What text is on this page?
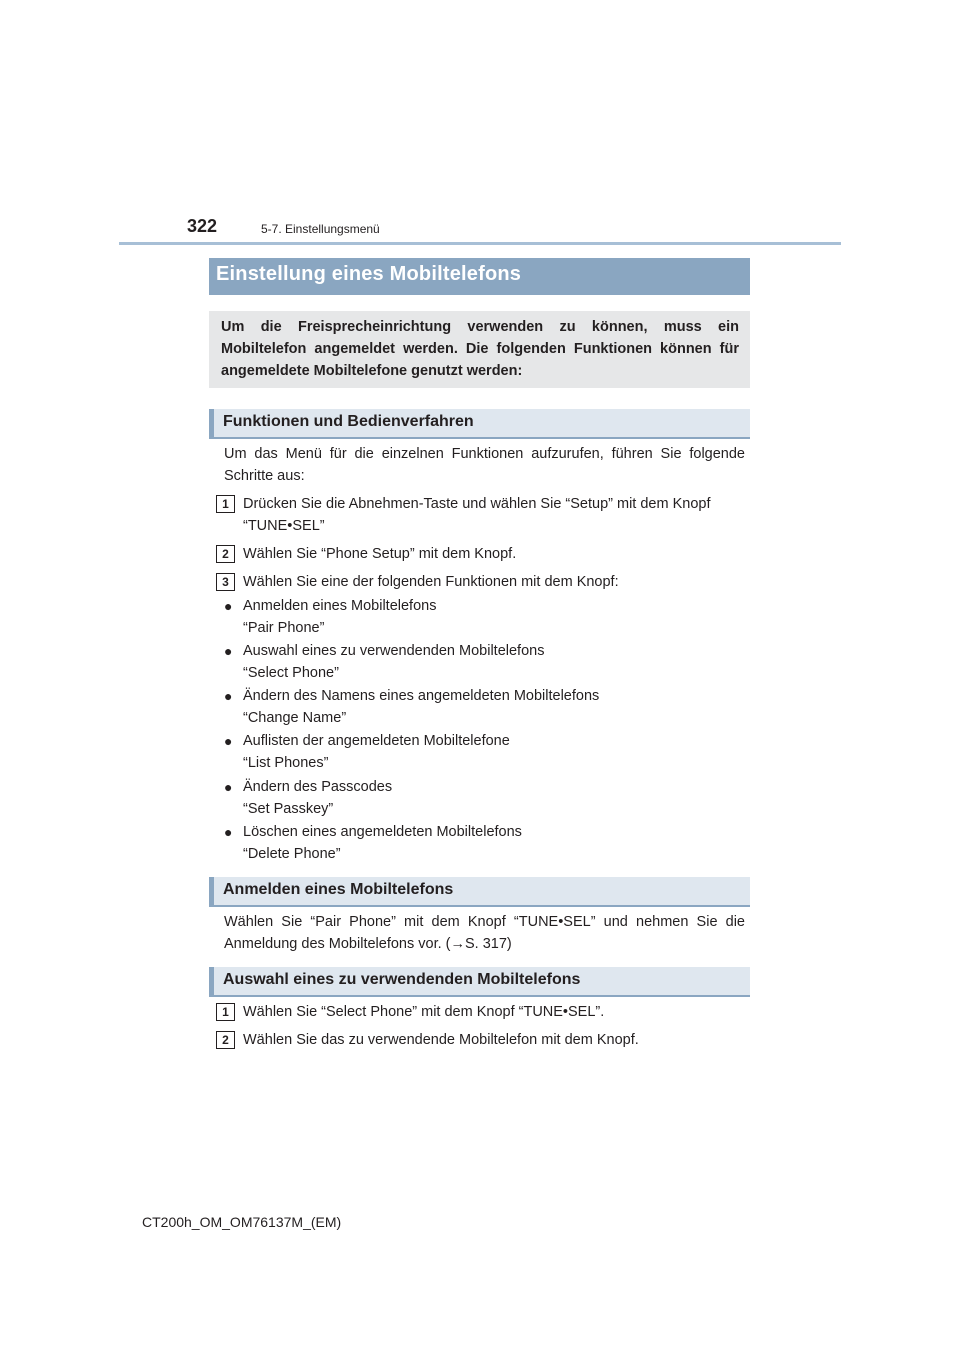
322	5-7. Einstellungsmenü
Einstellung eines Mobiltelefons
Um die Freisprecheinrichtung verwenden zu können, muss ein Mobiltelefon angemeldet werden. Die folgenden Funktionen können für angemeldete Mobiltelefone genutzt werden:
Funktionen und Bedienverfahren
Um das Menü für die einzelnen Funktionen aufzurufen, führen Sie folgende Schritte aus:
1 Drücken Sie die Abnehmen-Taste und wählen Sie “Setup” mit dem Knopf
“TUNE•SEL”
2 Wählen Sie “Phone Setup” mit dem Knopf.
3 Wählen Sie eine der folgenden Funktionen mit dem Knopf:
● Anmelden eines Mobiltelefons
“Pair Phone”
● Auswahl eines zu verwendenden Mobiltelefons
“Select Phone”
● Ändern des Namens eines angemeldeten Mobiltelefons
“Change Name”
● Auflisten der angemeldeten Mobiltelefone
“List Phones”
● Ändern des Passcodes
“Set Passkey”
● Löschen eines angemeldeten Mobiltelefons
“Delete Phone”
Anmelden eines Mobiltelefons
Wählen Sie “Pair Phone” mit dem Knopf “TUNE•SEL” und nehmen Sie die Anmeldung des Mobiltelefons vor. (→S. 317)
Auswahl eines zu verwendenden Mobiltelefons
1 Wählen Sie “Select Phone” mit dem Knopf “TUNE•SEL”.
2 Wählen Sie das zu verwendende Mobiltelefon mit dem Knopf.
CT200h_OM_OM76137M_(EM)
